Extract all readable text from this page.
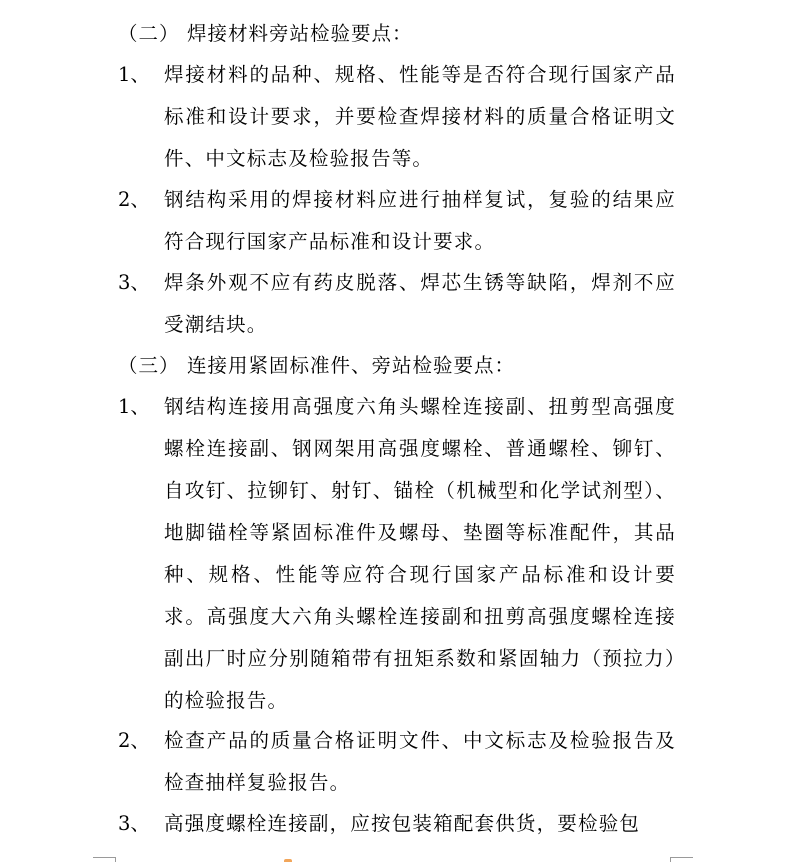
（二） 焊接材料旁站检验要点：
1、 焊接材料的品种、规格、性能等是否符合现行国家产品标准和设计要求，并要检查焊接材料的质量合格证明文件、中文标志及检验报告等。
2、 钢结构采用的焊接材料应进行抽样复试，复验的结果应符合现行国家产品标准和设计要求。
3、 焊条外观不应有药皮脱落、焊芯生锈等缺陷，焊剂不应受潮结块。
（三） 连接用紧固标准件、旁站检验要点：
1、 钢结构连接用高强度六角头螺栓连接副、扭剪型高强度螺栓连接副、钢网架用高强度螺栓、普通螺栓、铆钉、自攻钉、拉铆钉、射钉、锚栓（机械型和化学试剂型）、地脚锚栓等紧固标准件及螺母、垫圈等标准配件，其品种、规格、性能等应符合现行国家产品标准和设计要求。高强度大六角头螺栓连接副和扭剪高强度螺栓连接副出厂时应分别随箱带有扭矩系数和紧固轴力（预拉力）的检验报告。
2、 检查产品的质量合格证明文件、中文标志及检验报告及检查抽样复验报告。
3、 高强度螺栓连接副，应按包装箱配套供货，要检验包
